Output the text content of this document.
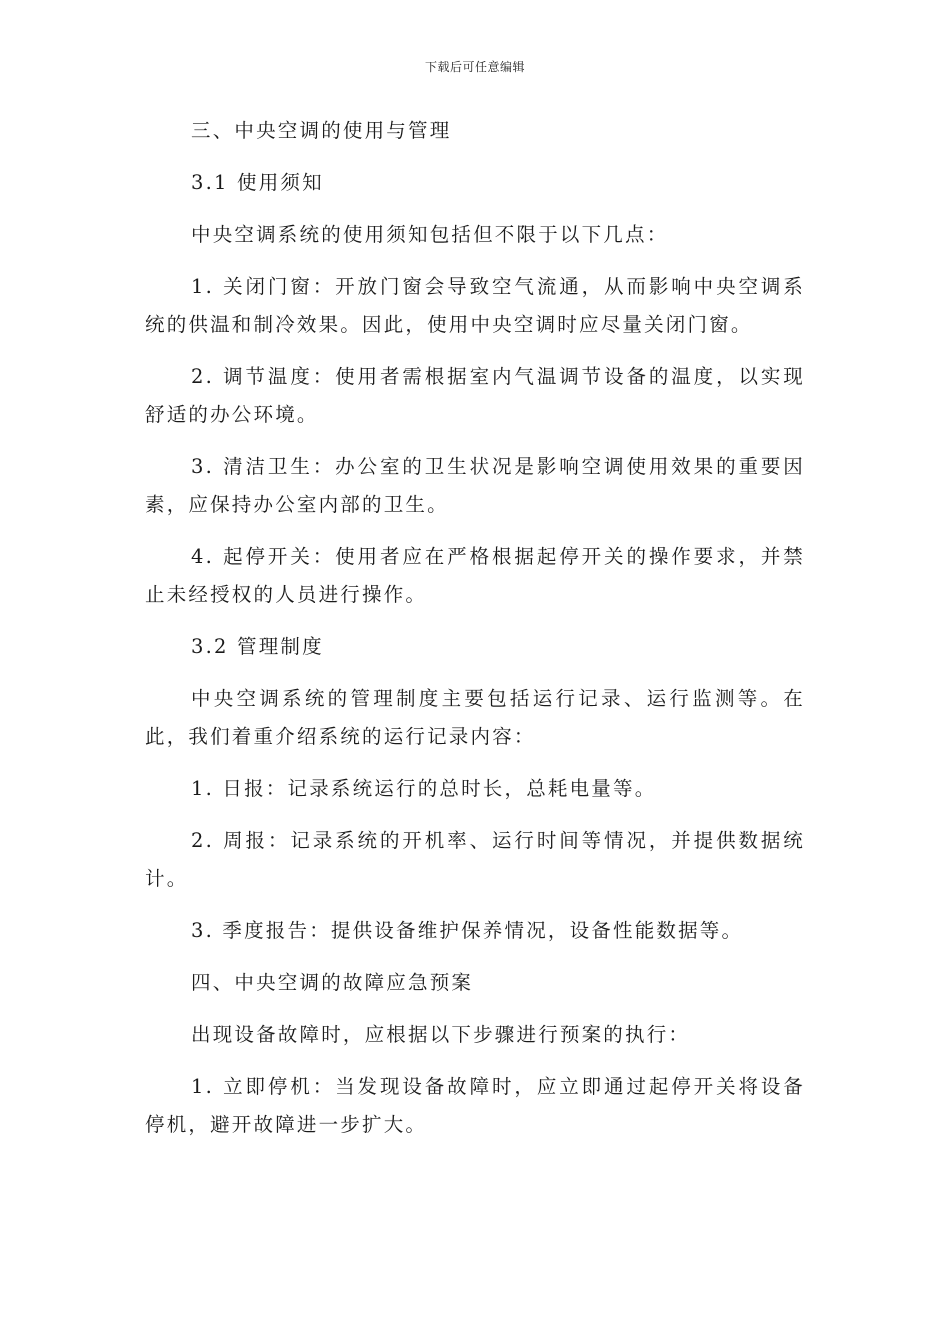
下载后可任意编辑

三、中央空调的使用与管理

3.1 使用须知

中央空调系统的使用须知包括但不限于以下几点：

1. 关闭门窗：开放门窗会导致空气流通，从而影响中央空调系统的供温和制冷效果。因此，使用中央空调时应尽量关闭门窗。

2. 调节温度：使用者需根据室内气温调节设备的温度，以实现舒适的办公环境。

3. 清洁卫生：办公室的卫生状况是影响空调使用效果的重要因素，应保持办公室内部的卫生。

4. 起停开关：使用者应在严格根据起停开关的操作要求，并禁止未经授权的人员进行操作。

3.2 管理制度

中央空调系统的管理制度主要包括运行记录、运行监测等。在此，我们着重介绍系统的运行记录内容：

1. 日报：记录系统运行的总时长，总耗电量等。

2. 周报：记录系统的开机率、运行时间等情况，并提供数据统计。

3. 季度报告：提供设备维护保养情况，设备性能数据等。

四、中央空调的故障应急预案

出现设备故障时，应根据以下步骤进行预案的执行：

1. 立即停机：当发现设备故障时，应立即通过起停开关将设备停机，避开故障进一步扩大。
